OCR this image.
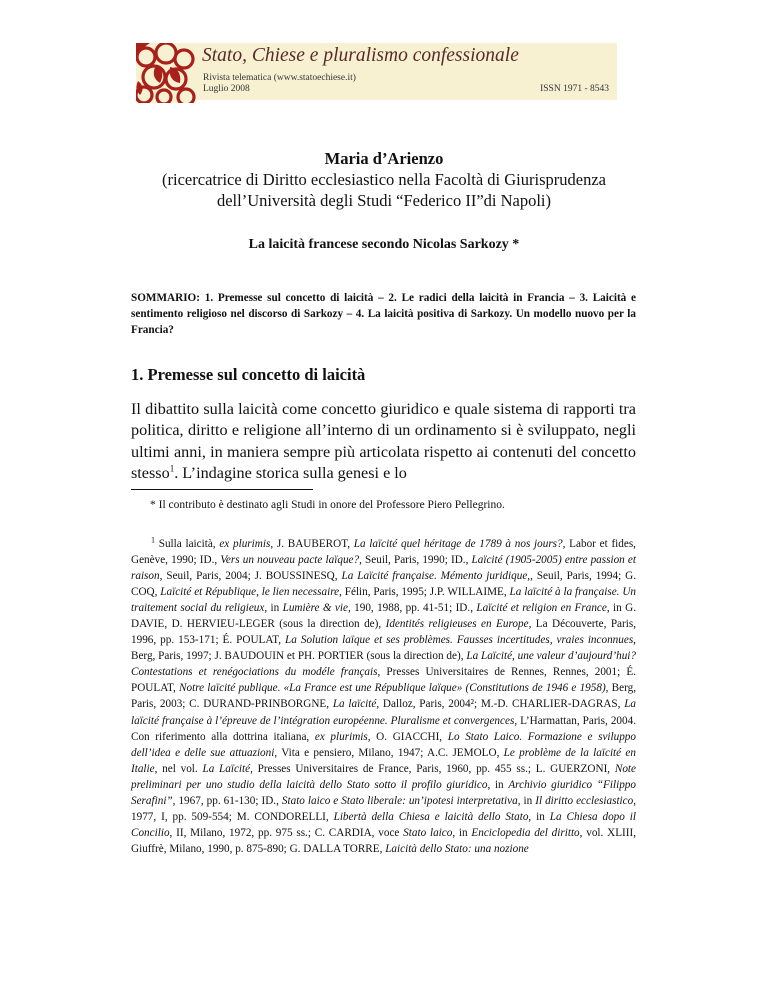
Stato, Chiese e pluralismo confessionale
Rivista telematica (www.statoechiese.it)
Luglio 2008	ISSN 1971 - 8543
Maria d’Arienzo
(ricercatrice di Diritto ecclesiastico nella Facoltà di Giurisprudenza
dell’Università degli Studi “Federico II”di Napoli)
La laicità francese secondo Nicolas Sarkozy *
SOMMARIO: 1. Premesse sul concetto di laicità – 2. Le radici della laicità in Francia – 3. Laicità e sentimento religioso nel discorso di Sarkozy – 4. La laicità positiva di Sarkozy. Un modello nuovo per la Francia?
1. Premesse sul concetto di laicità
Il dibattito sulla laicità come concetto giuridico e quale sistema di rapporti tra politica, diritto e religione all’interno di un ordinamento si è sviluppato, negli ultimi anni, in maniera sempre più articolata rispetto ai contenuti del concetto stesso$^1$. L’indagine storica sulla genesi e lo
* Il contributo è destinato agli Studi in onore del Professore Piero Pellegrino.
$^1$ Sulla laicità, ex plurimis, J. BAUBEROT, La laïcité quel héritage de 1789 à nos jours?, Labor et fides, Genève, 1990; ID., Vers un nouveau pacte laïque?, Seuil, Paris, 1990; ID., Laïcité (1905-2005) entre passion et raison, Seuil, Paris, 2004; J. BOUSSINESQ, La Laïcité française. Mémento juridique,, Seuil, Paris, 1994; G. COQ, Laïcité et République, le lien necessaire, Félin, Paris, 1995; J.P. WILLAIME, La laïcité à la française. Un traitement social du religieux, in Lumière & vie, 190, 1988, pp. 41-51; ID., Laïcité et religion en France, in G. DAVIE, D. HERVIEU-LEGER (sous la direction de), Identités religieuses en Europe, La Découverte, Paris, 1996, pp. 153-171; É. POULAT, La Solution laïque et ses problèmes. Fausses incertitudes, vraies inconnues, Berg, Paris, 1997; J. BAUDOUIN et PH. PORTIER (sous la direction de), La Laïcité, une valeur d’aujourd’hui? Contestations et renégociations du modéle français, Presses Universitaires de Rennes, Rennes, 2001; É. POULAT, Notre laïcité publique. «La France est une République laïque» (Constitutions de 1946 e 1958), Berg, Paris, 2003; C. DURAND-PRINBORGNE, La laïcité, Dalloz, Paris, 2004²; M.-D. CHARLIER-DAGRAS, La laïcité française à l’épreuve de l’intégration européenne. Pluralisme et convergences, L’Harmattan, Paris, 2004. Con riferimento alla dottrina italiana, ex plurimis, O. GIACCHI, Lo Stato Laico. Formazione e sviluppo dell’idea e delle sue attuazioni, Vita e pensiero, Milano, 1947; A.C. JEMOLO, Le problème de la laïcité en Italie, nel vol. La Laïcité, Presses Universitaires de France, Paris, 1960, pp. 455 ss.; L. GUERZONI, Note preliminari per uno studio della laicità dello Stato sotto il profilo giuridico, in Archivio giuridico “Filippo Serafini”, 1967, pp. 61-130; ID., Stato laico e Stato liberale: un’ipotesi interpretativa, in Il diritto ecclesiastico, 1977, I, pp. 509-554; M. CONDORELLI, Libertà della Chiesa e laicità dello Stato, in La Chiesa dopo il Concilio, II, Milano, 1972, pp. 975 ss.; C. CARDIA, voce Stato laico, in Enciclopedia del diritto, vol. XLIII, Giuffrè, Milano, 1990, p. 875-890; G. DALLA TORRE, Laicità dello Stato: una nozione
